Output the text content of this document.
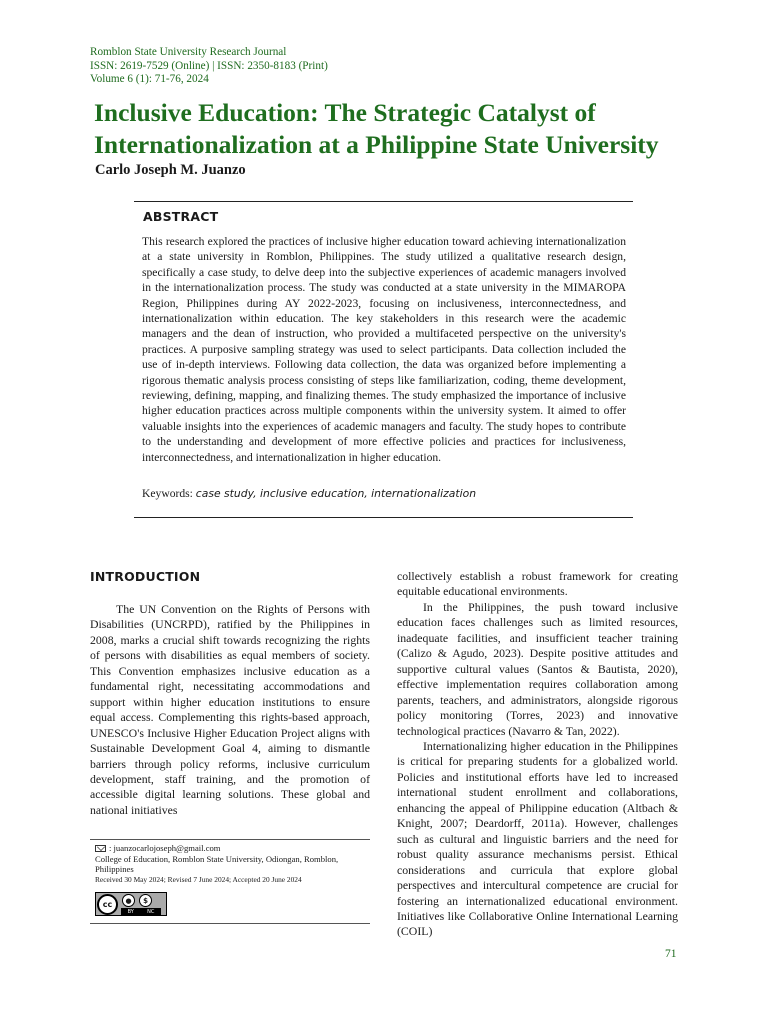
Romblon State University Research Journal
ISSN: 2619-7529 (Online) | ISSN: 2350-8183 (Print)
Volume 6 (1): 71-76, 2024
Inclusive Education: The Strategic Catalyst of Internationalization at a Philippine State University
Carlo Joseph M. Juanzo
ABSTRACT
This research explored the practices of inclusive higher education toward achieving internationalization at a state university in Romblon, Philippines. The study utilized a qualitative research design, specifically a case study, to delve deep into the subjective experiences of academic managers involved in the internationalization process. The study was conducted at a state university in the MIMAROPA Region, Philippines during AY 2022-2023, focusing on inclusiveness, interconnectedness, and internationalization within education. The key stakeholders in this research were the academic managers and the dean of instruction, who provided a multifaceted perspective on the university's practices. A purposive sampling strategy was used to select participants. Data collection included the use of in-depth interviews. Following data collection, the data was organized before implementing a rigorous thematic analysis process consisting of steps like familiarization, coding, theme development, reviewing, defining, mapping, and finalizing themes. The study emphasized the importance of inclusive higher education practices across multiple components within the university system. It aimed to offer valuable insights into the experiences of academic managers and faculty. The study hopes to contribute to the understanding and development of more effective policies and practices for inclusiveness, interconnectedness, and internationalization in higher education.
Keywords: case study, inclusive education, internationalization
INTRODUCTION

The UN Convention on the Rights of Persons with Disabilities (UNCRPD), ratified by the Philippines in 2008, marks a crucial shift towards recognizing the rights of persons with disabilities as equal members of society. This Convention emphasizes inclusive education as a fundamental right, necessitating accommodations and support within higher education institutions to ensure equal access. Complementing this rights-based approach, UNESCO's Inclusive Higher Education Project aligns with Sustainable Development Goal 4, aiming to dismantle barriers through policy reforms, inclusive curriculum development, staff training, and the promotion of accessible digital learning solutions. These global and national initiatives

collectively establish a robust framework for creating equitable educational environments.

In the Philippines, the push toward inclusive education faces challenges such as limited resources, inadequate facilities, and insufficient teacher training (Calizo & Agudo, 2023). Despite positive attitudes and supportive cultural values (Santos & Bautista, 2020), effective implementation requires collaboration among parents, teachers, and administrators, alongside rigorous policy monitoring (Torres, 2023) and innovative technological practices (Navarro & Tan, 2022).

Internationalizing higher education in the Philippines is critical for preparing students for a globalized world. Policies and institutional efforts have led to increased international student enrollment and collaborations, enhancing the appeal of Philippine education (Altbach & Knight, 2007; Deardorff, 2011a). However, challenges such as cultural and linguistic barriers and the need for robust quality assurance mechanisms persist. Ethical considerations and curricula that explore global perspectives and intercultural competence are crucial for fostering an internationalized educational environment. Initiatives like Collaborative Online International Learning (COIL)

: juanzocarlojoseph@gmail.com
College of Education, Romblon State University, Odiongan, Romblon, Philippines
Received 30 May 2024; Revised 7 June 2024; Accepted 20 June 2024
cc	●	$
BY	NC
71
